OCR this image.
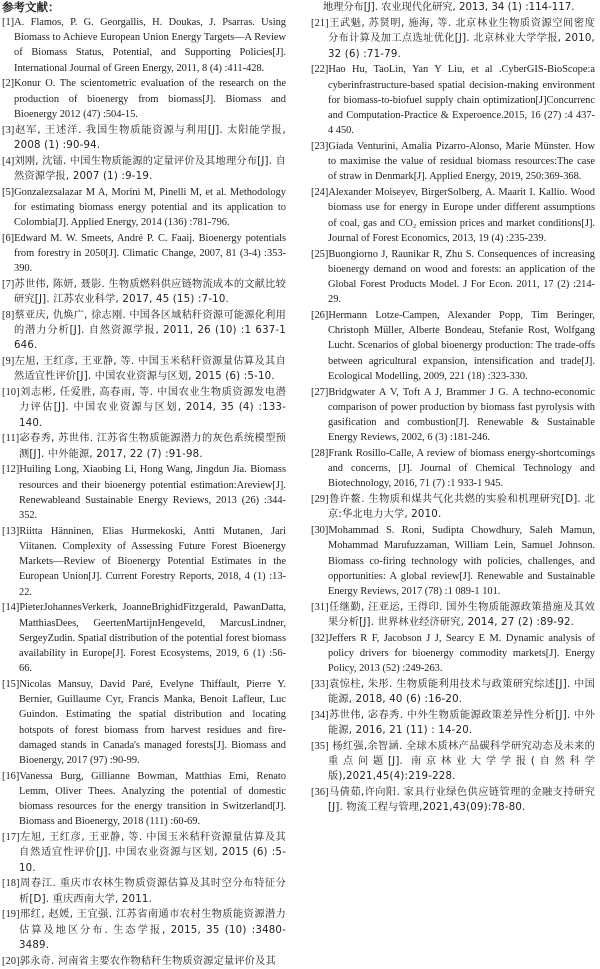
参考文献：
[1]A. Flamos, P. G. Georgallis, H. Doukas, J. Psarras. Using Biomass to Achieve European Union Energy Targets—A Review of Biomass Status, Potential, and Supporting Policies[J]. International Journal of Green Energy, 2011, 8 (4) :411-428.
[2]Konur O. The scientometric evaluation of the research on the production of bioenergy from biomass[J]. Biomass and Bioenergy 2012 (47) :504-15.
[3]赵军, 王述洋. 我国生物质能资源与利用[J]. 太阳能学报, 2008 (1) :90-94.
[4]刘刚, 沈镭. 中国生物质能源的定量评价及其地理分布[J]. 自然资源学报, 2007 (1) :9-19.
[5]Gonzalezsalazar M A, Morini M, Pinelli M, et al. Methodology for estimating biomass energy potential and its application to Colombia[J]. Applied Energy, 2014 (136) :781-796.
[6]Edward M. W. Smeets, André P. C. Faaij. Bioenergy potentials from forestry in 2050[J]. Climatic Change, 2007, 81 (3-4) :353-390.
[7]苏世伟, 陈妍, 聂影. 生物质燃料供应链物流成本的文献比较研究[J]. 江苏农业科学, 2017, 45 (15) :7-10.
[8]蔡亚庆, 仇焕广, 徐志刚. 中国各区域秸秆资源可能源化利用的潜力分析[J]. 自然资源学报, 2011, 26 (10) :1 637-1 646.
[9]左旭, 王红彦, 王亚静, 等. 中国玉米秸秆资源量估算及其自然适宜性评价[J]. 中国农业资源与区划, 2015 (6) :5-10.
[10]刘志彬, 任爱胜, 高春雨, 等. 中国农业生物质资源发电潜力评估[J]. 中国农业资源与区划, 2014, 35 (4) :133-140.
[11]宓春秀, 苏世伟. 江苏省生物质能源潜力的灰色系统模型预测[J]. 中外能源, 2017, 22 (7) :91-98.
[12]Huiling Long, Xiaobing Li, Hong Wang, Jingdun Jia. Biomass resources and their bioenergy potential estimation:Areview[J]. Renewableand Sustainable Energy Reviews, 2013 (26) :344-352.
[13]Riitta Hänninen, Elias Hurmekoski, Antti Mutanen, Jari Viitanen. Complexity of Assessing Future Forest Bioenergy Markets—Review of Bioenergy Potential Estimates in the European Union[J]. Current Forestry Reports, 2018, 4 (1) :13-22.
[14]PieterJohannesVerkerk, JoanneBrighidFitzgerald, PawanDatta, MatthiasDees, GeertenMartijnHengeveld, MarcusLindner, SergeyZudin. Spatial distribution of the potential forest biomass availability in Europe[J]. Forest Ecosystems, 2019, 6 (1) :56-66.
[15]Nicolas Mansuy, David Paré, Evelyne Thiffault, Pierre Y. Bernier, Guillaume Cyr, Francis Manka, Benoit Lafleur, Luc Guindon. Estimating the spatial distribution and locating hotspots of forest biomass from harvest residues and fire-damaged stands in Canada's managed forests[J]. Biomass and Bioenergy, 2017 (97) :90-99.
[16]Vanessa Burg, Gillianne Bowman, Matthias Emi, Renato Lemm, Oliver Thees. Analyzing the potential of domestic biomass resources for the energy transition in Switzerland[J]. Biomass and Bioenergy, 2018 (111) :60-69.
[17]左旭, 王红彦, 王亚静, 等. 中国玉米秸秆资源量估算及其自然适宜性评价[J]. 中国农业资源与区划, 2015 (6) :5-10.
[18]周春江. 重庆市农林生物质资源估算及其时空分布特征分析[D]. 重庆西南大学, 2011.
[19]邢红, 赵媛, 王宜强. 江苏省南通市农村生物质能资源潜力估算及地区分布. 生态学报, 2015, 35 (10) :3480-3489.
[20]郭永奇. 河南省主要农作物秸秆生物质资源定量评价及其
地理分布[J]. 农业现代化研究, 2013, 34 (1) :114-117.
[21]王武魁, 苏贤明, 施海, 等. 北京林业生物质资源空间密度分布计算及加工点选址优化[J]. 北京林业大学学报, 2010, 32 (6) :71-79.
[22]Hao Hu, TaoLin, Yan Y Liu, et al .CyberGIS-BioScope:a cyberinfrastructure-based spatial decision-making environment for biomass-to-biofuel supply chain optimization[J]Concurrenc and Computation-Practice & Experoence.2015, 16 (27) :4 437-4 450.
[23]Giada Venturini, Amalia Pizarro-Alonso, Marie Münster. How to maximise the value of residual biomass resources:The case of straw in Denmark[J]. Applied Energy, 2019, 250:369-368.
[24]Alexander Moiseyev, BirgerSolberg, A. Maarit I. Kallio. Wood biomass use for energy in Europe under different assumptions of coal, gas and CO₂ emission prices and market conditions[J]. Journal of Forest Economics, 2013, 19 (4) :235-239.
[25]Buongiorno J, Raunikar R, Zhu S. Consequences of increasing bioenergy demand on wood and forests: an application of the Global Forest Products Model. J For Econ. 2011, 17 (2) :214-29.
[26]Hermann Lotze-Campen, Alexander Popp, Tim Beringer, Christoph Müller, Alberte Bondeau, Stefanie Rost, Wolfgang Lucht. Scenarios of global bioenergy production: The trade-offs between agricultural expansion, intensification and trade[J]. Ecological Modelling, 2009, 221 (18) :323-330.
[27]Bridgwater A V, Toft A J, Brammer J G. A techno-economic comparison of power production by biomass fast pyrolysis with gasification and combustion[J]. Renewable & Sustainable Energy Reviews, 2002, 6 (3) :181-246.
[28]Frank Rosillo-Calle, A review of biomass energy-shortcomings and concerns, [J]. Journal of Chemical Technology and Biotechnology, 2016, 71 (7) :1 933-1 945.
[29]鲁许鳌. 生物质和煤共气化共燃的实验和机理研究[D]. 北京:华北电力大学, 2010.
[30]Mohammad S. Roni, Sudipta Chowdhury, Saleh Mamun, Mohammad Marufuzzaman, William Lein, Samuel Johnson. Biomass co-firing technology with policies, challenges, and opportunities: A global review[J]. Renewable and Sustainable Energy Reviews, 2017 (78) :1 089-1 101.
[31]任继勤, 汪亚运, 王得印. 国外生物质能源政策措施及其效果分析[J]. 世界林业经济研究, 2014, 27 (2) :89-92.
[32]Jeffers R F, Jacobson J J, Searcy E M. Dynamic analysis of policy drivers for bioenergy commodity markets[J]. Energy Policy, 2013 (52) :249-263.
[33]袁惊柱, 朱彤. 生物质能利用技术与政策研究综述[J]. 中国能源, 2018, 40 (6) :16-20.
[34]苏世伟, 宓春秀. 中外生物质能源政策差异性分析[J]. 中外能源, 2016, 21 (11) : 14-20.
[35] 杨红强,余智涵. 全球木质林产品碳科学研究动态及未来的重点问题[J]. 南京林业大学学报(自然科学版),2021,45(4):219-228.
[36]马倩茹,许向阳. 家具行业绿色供应链管理的金融支持研究[J]. 物流工程与管理,2021,43(09):78-80.
